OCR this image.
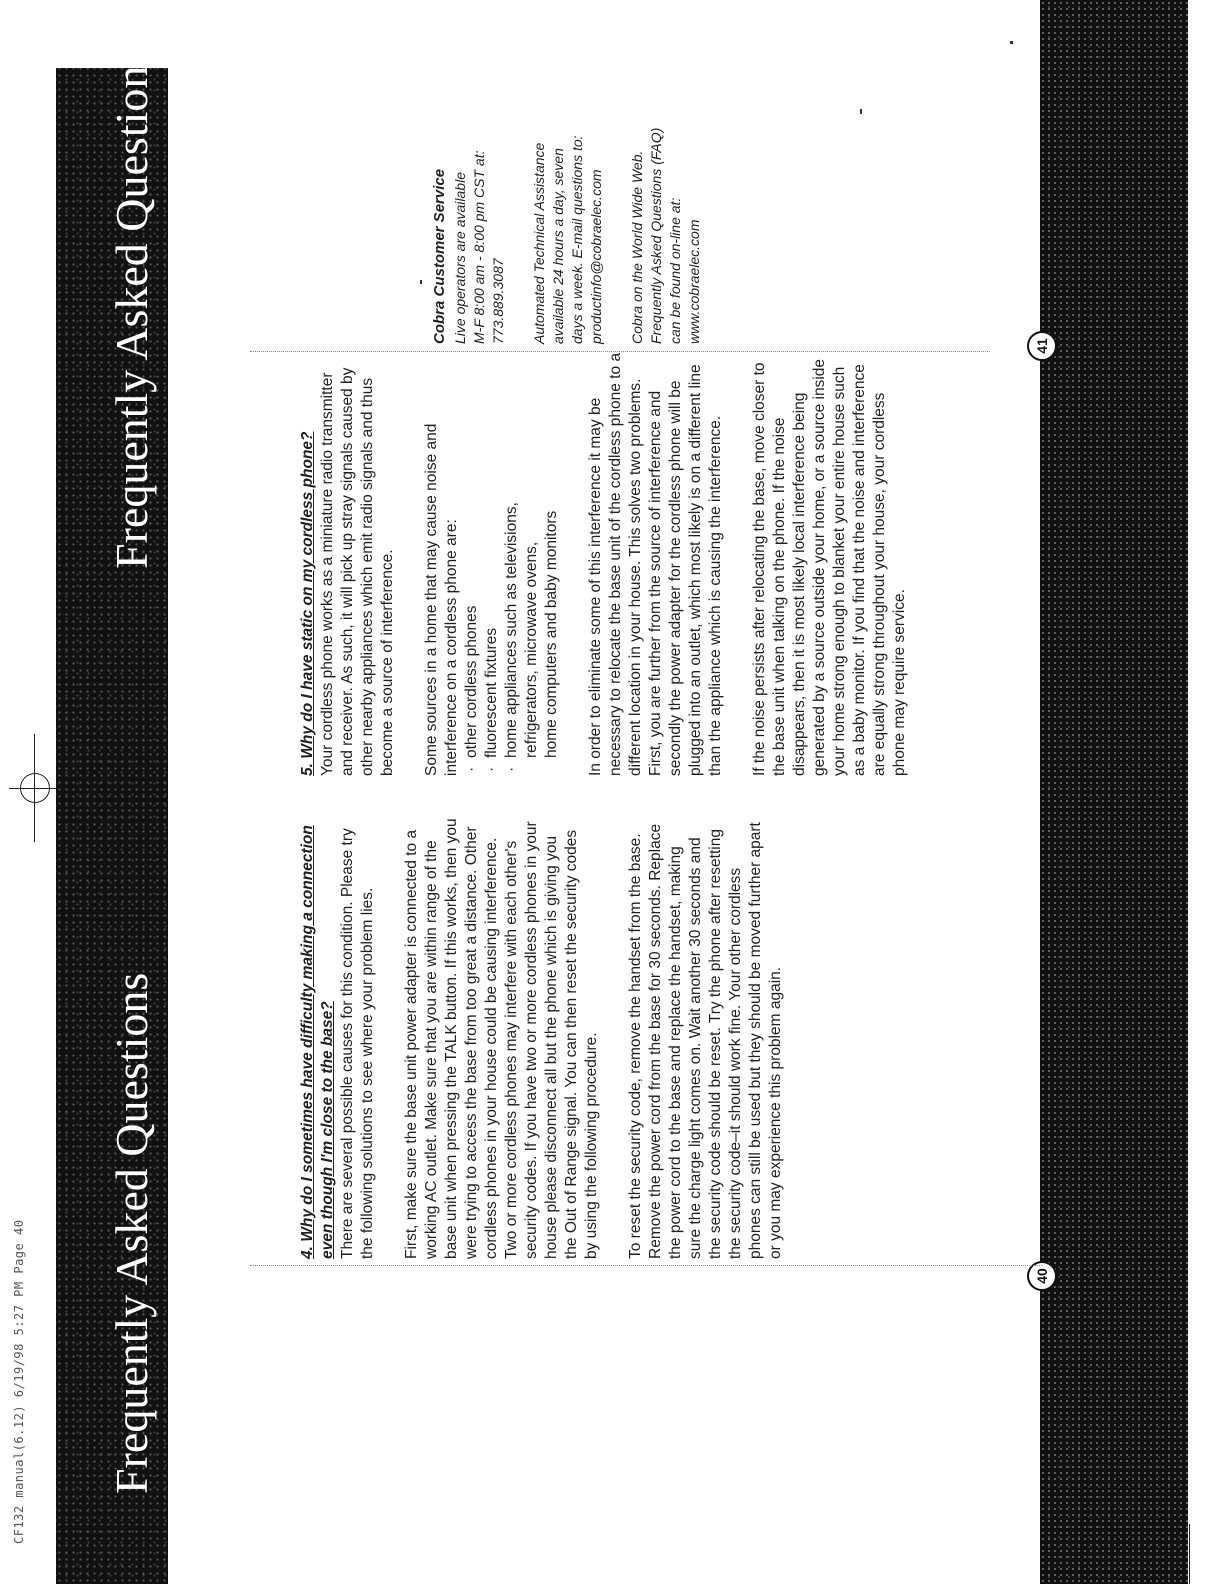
CF132 manual(6.12) 6/19/98 5:27 PM Page 40 Frequently Asked Questions
Frequently Asked Questions
40
41
4. Why do I sometimes have difficulty making a connection even though I'm close to the base? There are several possible causes for this condition. Please try the following solutions to see where your problem lies. First, make sure the base unit power adapter is connected to a working AC outlet. Make sure that you are within range of the base unit when pressing the TALK button. If this works, then you were trying to access the base from too great a distance. Other cordless phones in your house could be causing interference. Two or more cordless phones may interfere with each other's security codes. If you have two or more cordless phones in your house please disconnect all but the phone which is giving you the Out of Range signal. You can then reset the security codes by using the following procedure. To reset the security code, remove the handset from the base. Remove the power cord from the base for 30 seconds. Replace the power cord to the base and replace the handset, making sure the charge light comes on. Wait another 30 seconds and the security code should be reset. Try the phone after resetting the security code–it should work fine. Your other cordless phones can still be used but they should be moved further apart or you may experience this problem again.

5. Why do I have static on my cordless phone? Your cordless phone works as a miniature radio transmitter and receiver. As such, it will pick up stray signals caused by other nearby appliances which emit radio signals and thus become a source of interference. Some sources in a home that may cause noise and interference on a cordless phone are: · other cordless phones · fluorescent fixtures · home appliances such as televisions, refrigerators, microwave ovens, home computers and baby monitors In order to eliminate some of this interference it may be necessary to relocate the base unit of the cordless phone to a different location in your house. This solves two problems. First, you are further from the source of interference and secondly the power adapter for the cordless phone will be plugged into an outlet, which most likely is on a different line than the appliance which is causing the interference. If the noise persists after relocating the base, move closer to the base unit when talking on the phone. If the noise disappears, then it is most likely local interference being generated by a source outside your home, or a source inside your home strong enough to blanket your entire house such as a baby monitor. If you find that the noise and interference are equally strong throughout your house, your cordless phone may require service.

Cobra Customer Service Live operators are available M-F 8:00 am - 8:00 pm CST at: 773.889.3087 Automated Technical Assistance available 24 hours a day, seven days a week. E-mail questions to: productinfo@cobraelec.com Cobra on the World Wide Web. Frequently Asked Questions (FAQ) can be found on-line at: www.cobraelec.com
